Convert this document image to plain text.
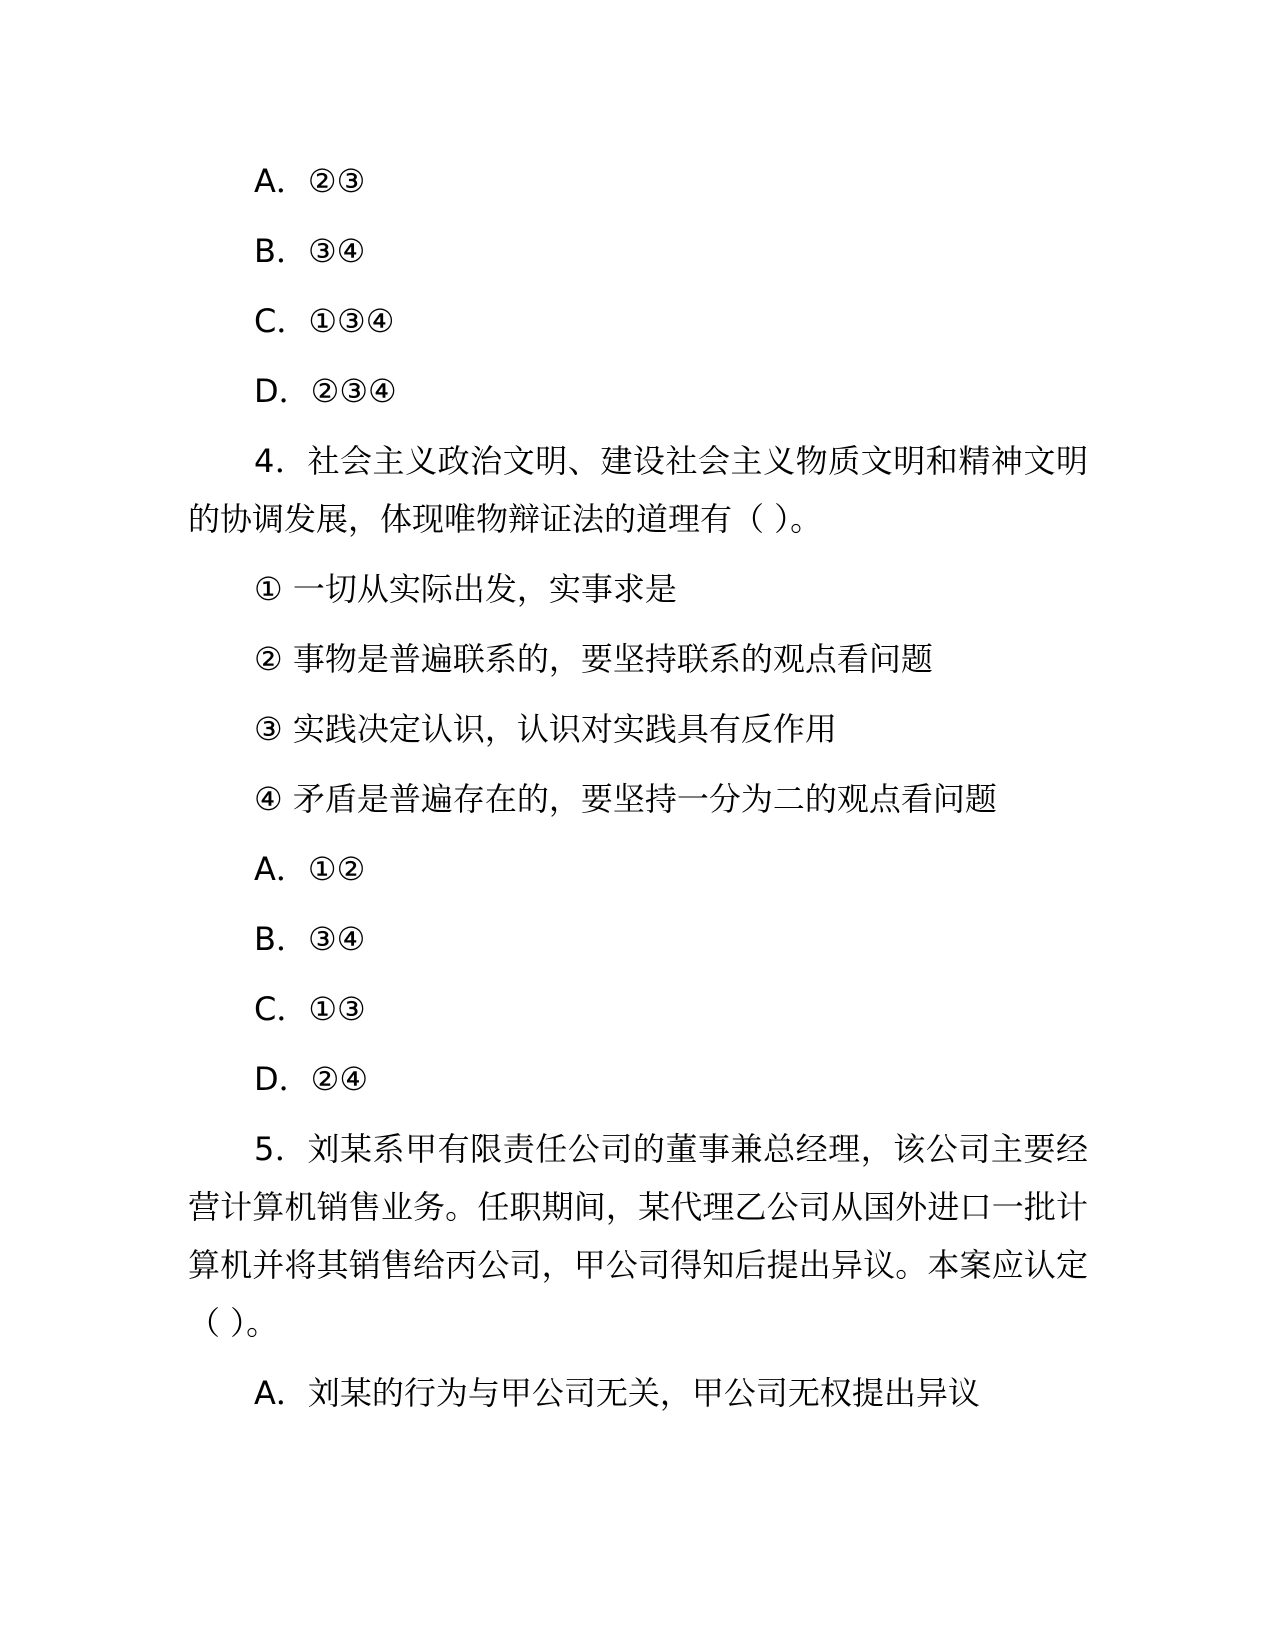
A．②③
B．③④
C．①③④
D．②③④
4．社会主义政治文明、建设社会主义物质文明和精神文明的协调发展，体现唯物辩证法的道理有（ ）。
① 一切从实际出发，实事求是
② 事物是普遍联系的，要坚持联系的观点看问题
③ 实践决定认识，认识对实践具有反作用
④ 矛盾是普遍存在的，要坚持一分为二的观点看问题
A．①②
B．③④
C．①③
D．②④
5．刘某系甲有限责任公司的董事兼总经理，该公司主要经营计算机销售业务。任职期间，某代理乙公司从国外进口一批计算机并将其销售给丙公司，甲公司得知后提出异议。本案应认定（ ）。
A．刘某的行为与甲公司无关，甲公司无权提出异议
